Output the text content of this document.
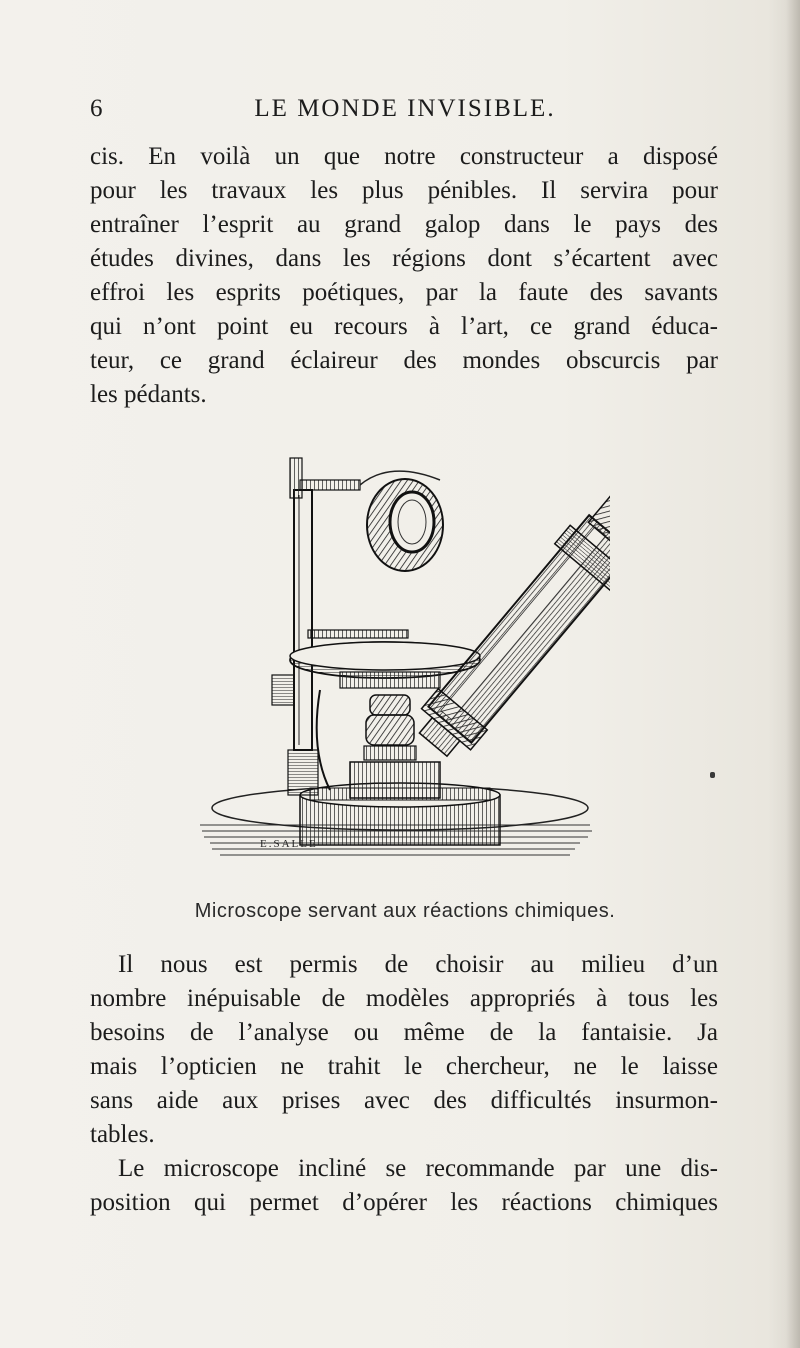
6	LE MONDE INVISIBLE.
cis. En voilà un que notre constructeur a disposé
pour les travaux les plus pénibles. Il servira pour
entraîner l’esprit au grand galop dans le pays des
études divines, dans les régions dont s’écartent avec
effroi les esprits poétiques, par la faute des savants
qui n’ont point eu recours à l’art, ce grand éduca-
teur, ce grand éclaireur des mondes obscurcis par
les pédants.
E.SALLE
Microscope servant aux réactions chimiques.
Il nous est permis de choisir au milieu d’un
nombre inépuisable de modèles appropriés à tous les
besoins de l’analyse ou même de la fantaisie. Ja
mais l’opticien ne trahit le chercheur, ne le laisse
sans aide aux prises avec des difficultés insurmon-
tables.
Le microscope incliné se recommande par une dis-
position qui permet d’opérer les réactions chimiques
